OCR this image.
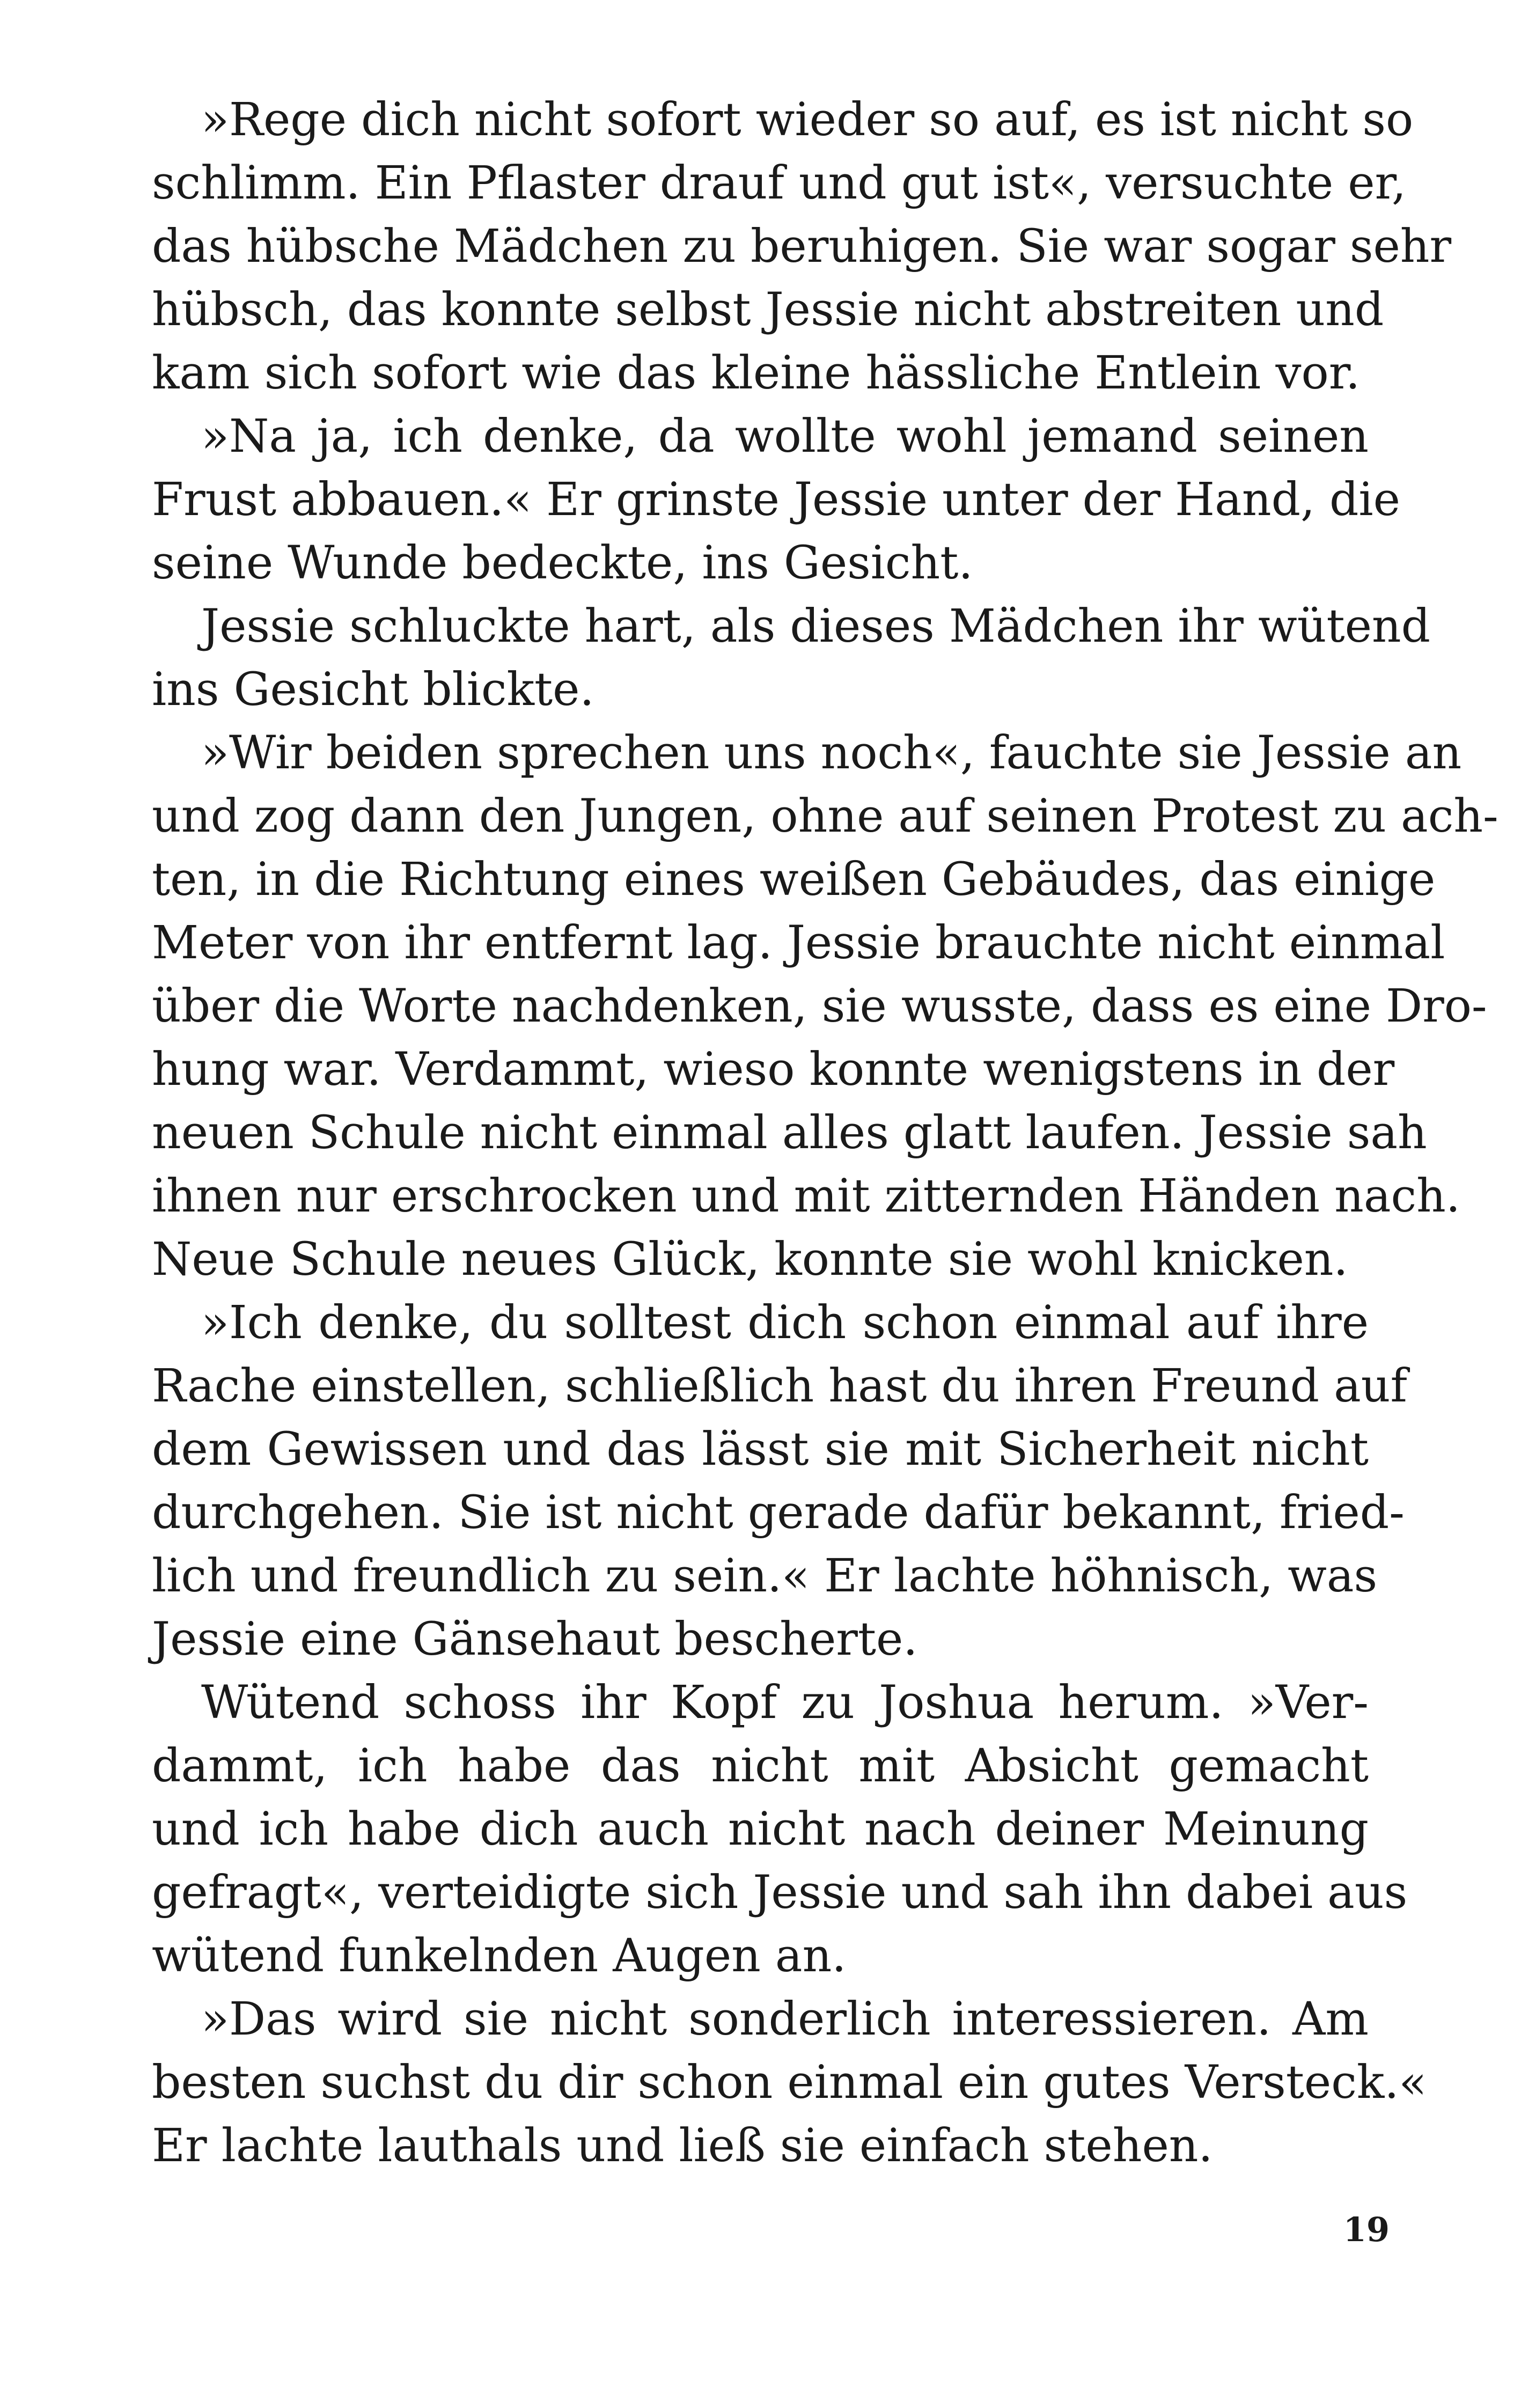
»Rege dich nicht sofort wieder so auf, es ist nicht so
schlimm. Ein Pflaster drauf und gut ist«, versuchte er,
das hübsche Mädchen zu beruhigen. Sie war sogar sehr
hübsch, das konnte selbst Jessie nicht abstreiten und
kam sich sofort wie das kleine hässliche Entlein vor.
»Na ja, ich denke, da wollte wohl jemand seinen
Frust abbauen.« Er grinste Jessie unter der Hand, die
seine Wunde bedeckte, ins Gesicht.
Jessie schluckte hart, als dieses Mädchen ihr wütend
ins Gesicht blickte.
»Wir beiden sprechen uns noch«, fauchte sie Jessie an
und zog dann den Jungen, ohne auf seinen Protest zu ach-
ten, in die Richtung eines weißen Gebäudes, das einige
Meter von ihr entfernt lag. Jessie brauchte nicht einmal
über die Worte nachdenken, sie wusste, dass es eine Dro-
hung war. Verdammt, wieso konnte wenigstens in der
neuen Schule nicht einmal alles glatt laufen. Jessie sah
ihnen nur erschrocken und mit zitternden Händen nach.
Neue Schule neues Glück, konnte sie wohl knicken.
»Ich denke, du solltest dich schon einmal auf ihre
Rache einstellen, schließlich hast du ihren Freund auf
dem Gewissen und das lässt sie mit Sicherheit nicht
durchgehen. Sie ist nicht gerade dafür bekannt, fried-
lich und freundlich zu sein.« Er lachte höhnisch, was
Jessie eine Gänsehaut bescherte.
Wütend schoss ihr Kopf zu Joshua herum. »Ver-
dammt, ich habe das nicht mit Absicht gemacht
und ich habe dich auch nicht nach deiner Meinung
gefragt«, verteidigte sich Jessie und sah ihn dabei aus
wütend funkelnden Augen an.
»Das wird sie nicht sonderlich interessieren. Am
besten suchst du dir schon einmal ein gutes Versteck.«
Er lachte lauthals und ließ sie einfach stehen.
19
